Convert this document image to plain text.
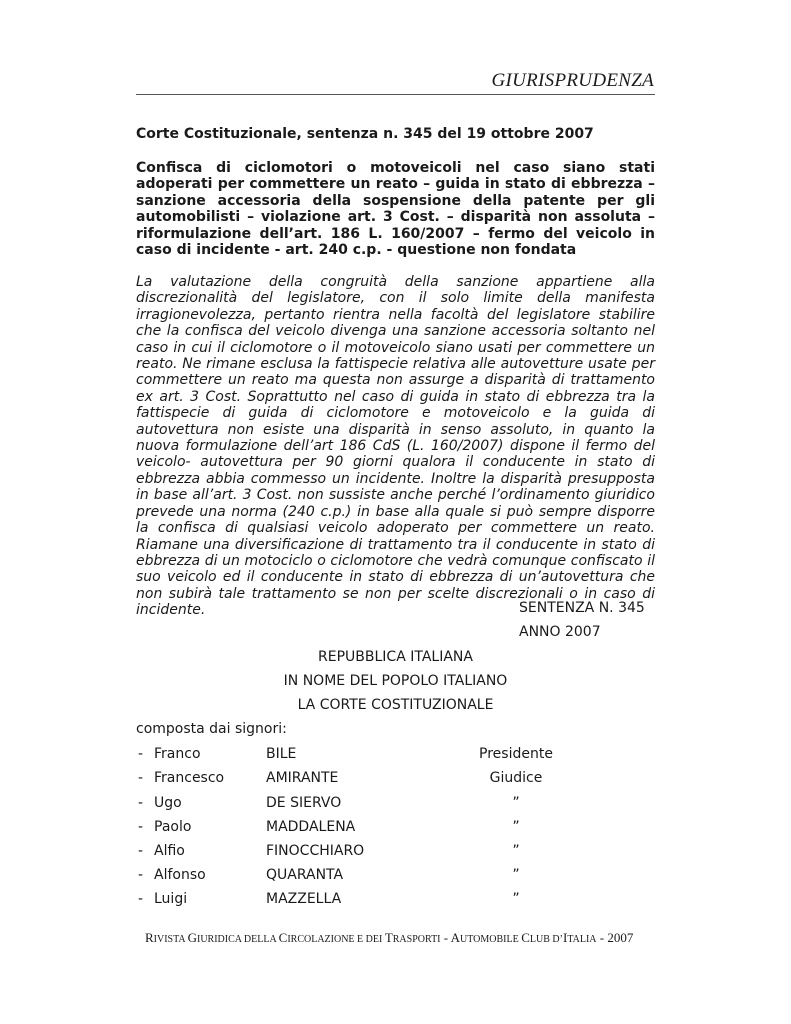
GIURISPRUDENZA
Corte Costituzionale, sentenza n. 345 del 19 ottobre 2007
Confisca di ciclomotori o motoveicoli nel caso siano stati adoperati per commettere un reato – guida in stato di ebbrezza – sanzione accessoria della sospensione della patente per gli automobilisti – violazione art. 3 Cost. – disparità non assoluta – riformulazione dell’art. 186 L. 160/2007 – fermo del veicolo in caso di incidente - art. 240 c.p. - questione non fondata
La valutazione della congruità della sanzione appartiene alla discrezionalità del legislatore, con il solo limite della manifesta irragionevolezza, pertanto rientra nella facoltà del legislatore stabilire che la confisca del veicolo divenga una sanzione accessoria soltanto nel caso in cui il ciclomotore o il motoveicolo siano usati per commettere un reato. Ne rimane esclusa la fattispecie relativa alle autovetture usate per commettere un reato ma questa non assurge a disparità di trattamento ex art. 3 Cost. Soprattutto nel caso di guida in stato di ebbrezza tra la fattispecie di guida di ciclomotore e motoveicolo e la guida di autovettura non esiste una disparità in senso assoluto, in quanto la nuova formulazione dell’art 186 CdS (L. 160/2007) dispone il fermo del veicolo- autovettura per 90 giorni qualora il conducente in stato di ebbrezza abbia commesso un incidente. Inoltre la disparità presupposta in base all’art. 3 Cost. non sussiste anche perché l’ordinamento giuridico prevede una norma (240 c.p.) in base alla quale si può sempre disporre la confisca di qualsiasi veicolo adoperato per commettere un reato. Riamane una diversificazione di trattamento tra il conducente in stato di ebbrezza di un motociclo o ciclomotore che vedrà comunque confiscato il suo veicolo ed il conducente in stato di ebbrezza di un’autovettura che non subirà tale trattamento se non per scelte discrezionali o in caso di incidente.	SENTENZA N. 345
ANNO 2007
REPUBBLICA ITALIANA
IN NOME DEL POPOLO ITALIANO
LA CORTE COSTITUZIONALE
composta dai signori:
- Franco	BILE	Presidente
- Francesco	AMIRANTE	Giudice
- Ugo	DE SIERVO	”
- Paolo	MADDALENA	”
- Alfio	FINOCCHIARO	”
- Alfonso	QUARANTA	”
- Luigi	MAZZELLA	”
RIVISTA GIURIDICA DELLA CIRCOLAZIONE E DEI TRASPORTI - AUTOMOBILE CLUB D’ITALIA - 2007
